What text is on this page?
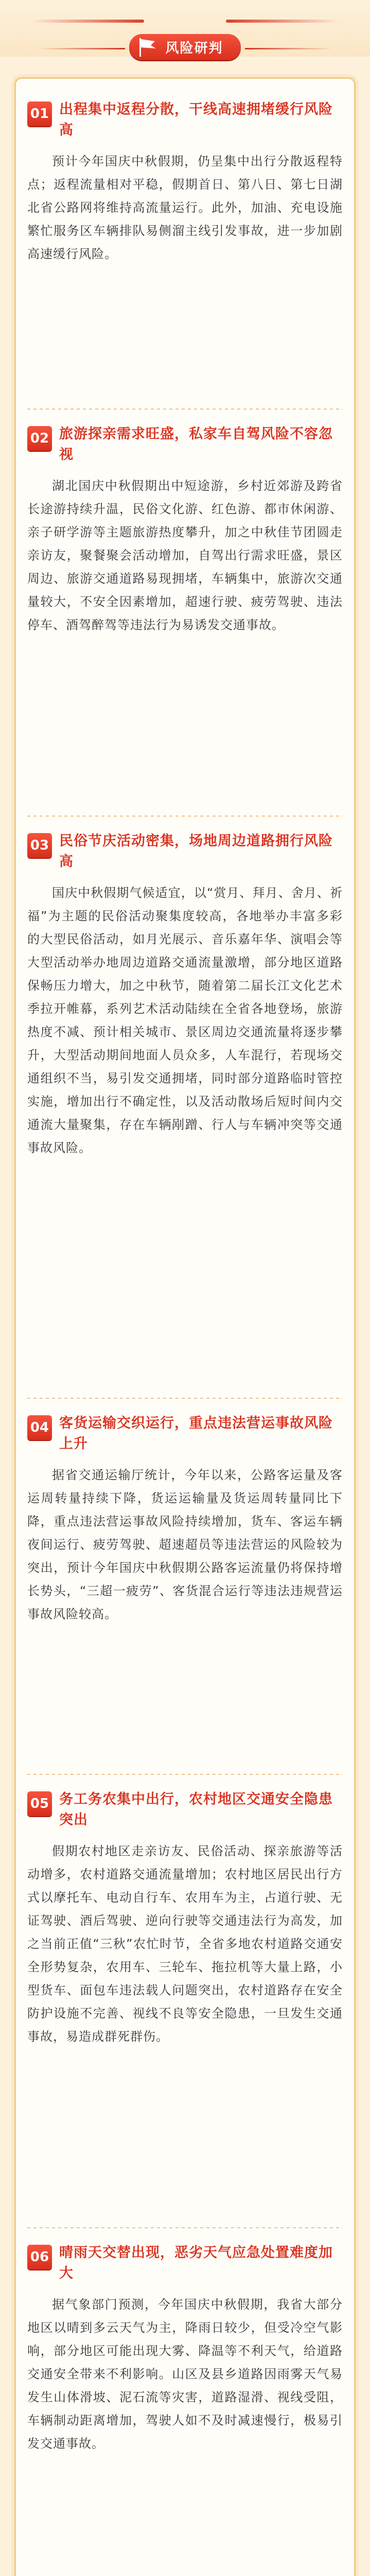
风险研判
01 出程集中返程分散，干线高速拥堵缓行风险高
预计今年国庆中秋假期，仍呈集中出行分散返程特点；返程流量相对平稳，假期首日、第八日、第七日湖北省公路网将维持高流量运行。此外，加油、充电设施繁忙服务区车辆排队易侧溜主线引发事故，进一步加剧高速缓行风险。
02 旅游探亲需求旺盛，私家车自驾风险不容忽视
湖北国庆中秋假期出中短途游，乡村近郊游及跨省长途游持续升温，民俗文化游、红色游、都市休闲游、亲子研学游等主题旅游热度攀升，加之中秋佳节团圆走亲访友，聚餐聚会活动增加，自驾出行需求旺盛，景区周边、旅游交通道路易现拥堵，车辆集中，旅游次交通量较大，不安全因素增加，超速行驶、疲劳驾驶、违法停车、酒驾醉驾等违法行为易诱发交通事故。
03 民俗节庆活动密集，场地周边道路拥行风险高
国庆中秋假期气候适宜，以“赏月、拜月、舍月、祈福”为主题的民俗活动聚集度较高，各地举办丰富多彩的大型民俗活动，如月光展示、音乐嘉年华、演唱会等大型活动举办地周边道路交通流量激增，部分地区道路保畅压力增大，加之中秋节，随着第二届长江文化艺术季拉开帷幕，系列艺术活动陆续在全省各地登场，旅游热度不减、预计相关城市、景区周边交通流量将逐步攀升，大型活动期间地面人员众多，人车混行，若现场交通组织不当，易引发交通拥堵，同时部分道路临时管控实施，增加出行不确定性，以及活动散场后短时间内交通流大量聚集，存在车辆剐蹭、行人与车辆冲突等交通事故风险。
04 客货运输交织运行，重点违法营运事故风险上升
据省交通运输厅统计，今年以来，公路客运量及客运周转量持续下降，货运运输量及货运周转量同比下降，重点违法营运事故风险持续增加，货车、客运车辆夜间运行、疲劳驾驶、超速超员等违法营运的风险较为突出，预计今年国庆中秋假期公路客运流量仍将保持增长势头，“三超一疲劳”、客货混合运行等违法违规营运事故风险较高。
05 务工务农集中出行，农村地区交通安全隐患突出
假期农村地区走亲访友、民俗活动、探亲旅游等活动增多，农村道路交通流量增加；农村地区居民出行方式以摩托车、电动自行车、农用车为主，占道行驶、无证驾驶、酒后驾驶、逆向行驶等交通违法行为高发，加之当前正值“三秋”农忙时节，全省多地农村道路交通安全形势复杂，农用车、三轮车、拖拉机等大量上路，小型货车、面包车违法载人问题突出，农村道路存在安全防护设施不完善、视线不良等安全隐患，一旦发生交通事故，易造成群死群伤。
06 晴雨天交替出现，恶劣天气应急处置难度加大
据气象部门预测，今年国庆中秋假期，我省大部分地区以晴到多云天气为主，降雨日较少，但受冷空气影响，部分地区可能出现大雾、降温等不利天气，给道路交通安全带来不利影响。山区及县乡道路因雨雾天气易发生山体滑坡、泥石流等灾害，道路湿滑、视线受阻，车辆制动距离增加，驾驶人如不及时减速慢行，极易引发交通事故。
